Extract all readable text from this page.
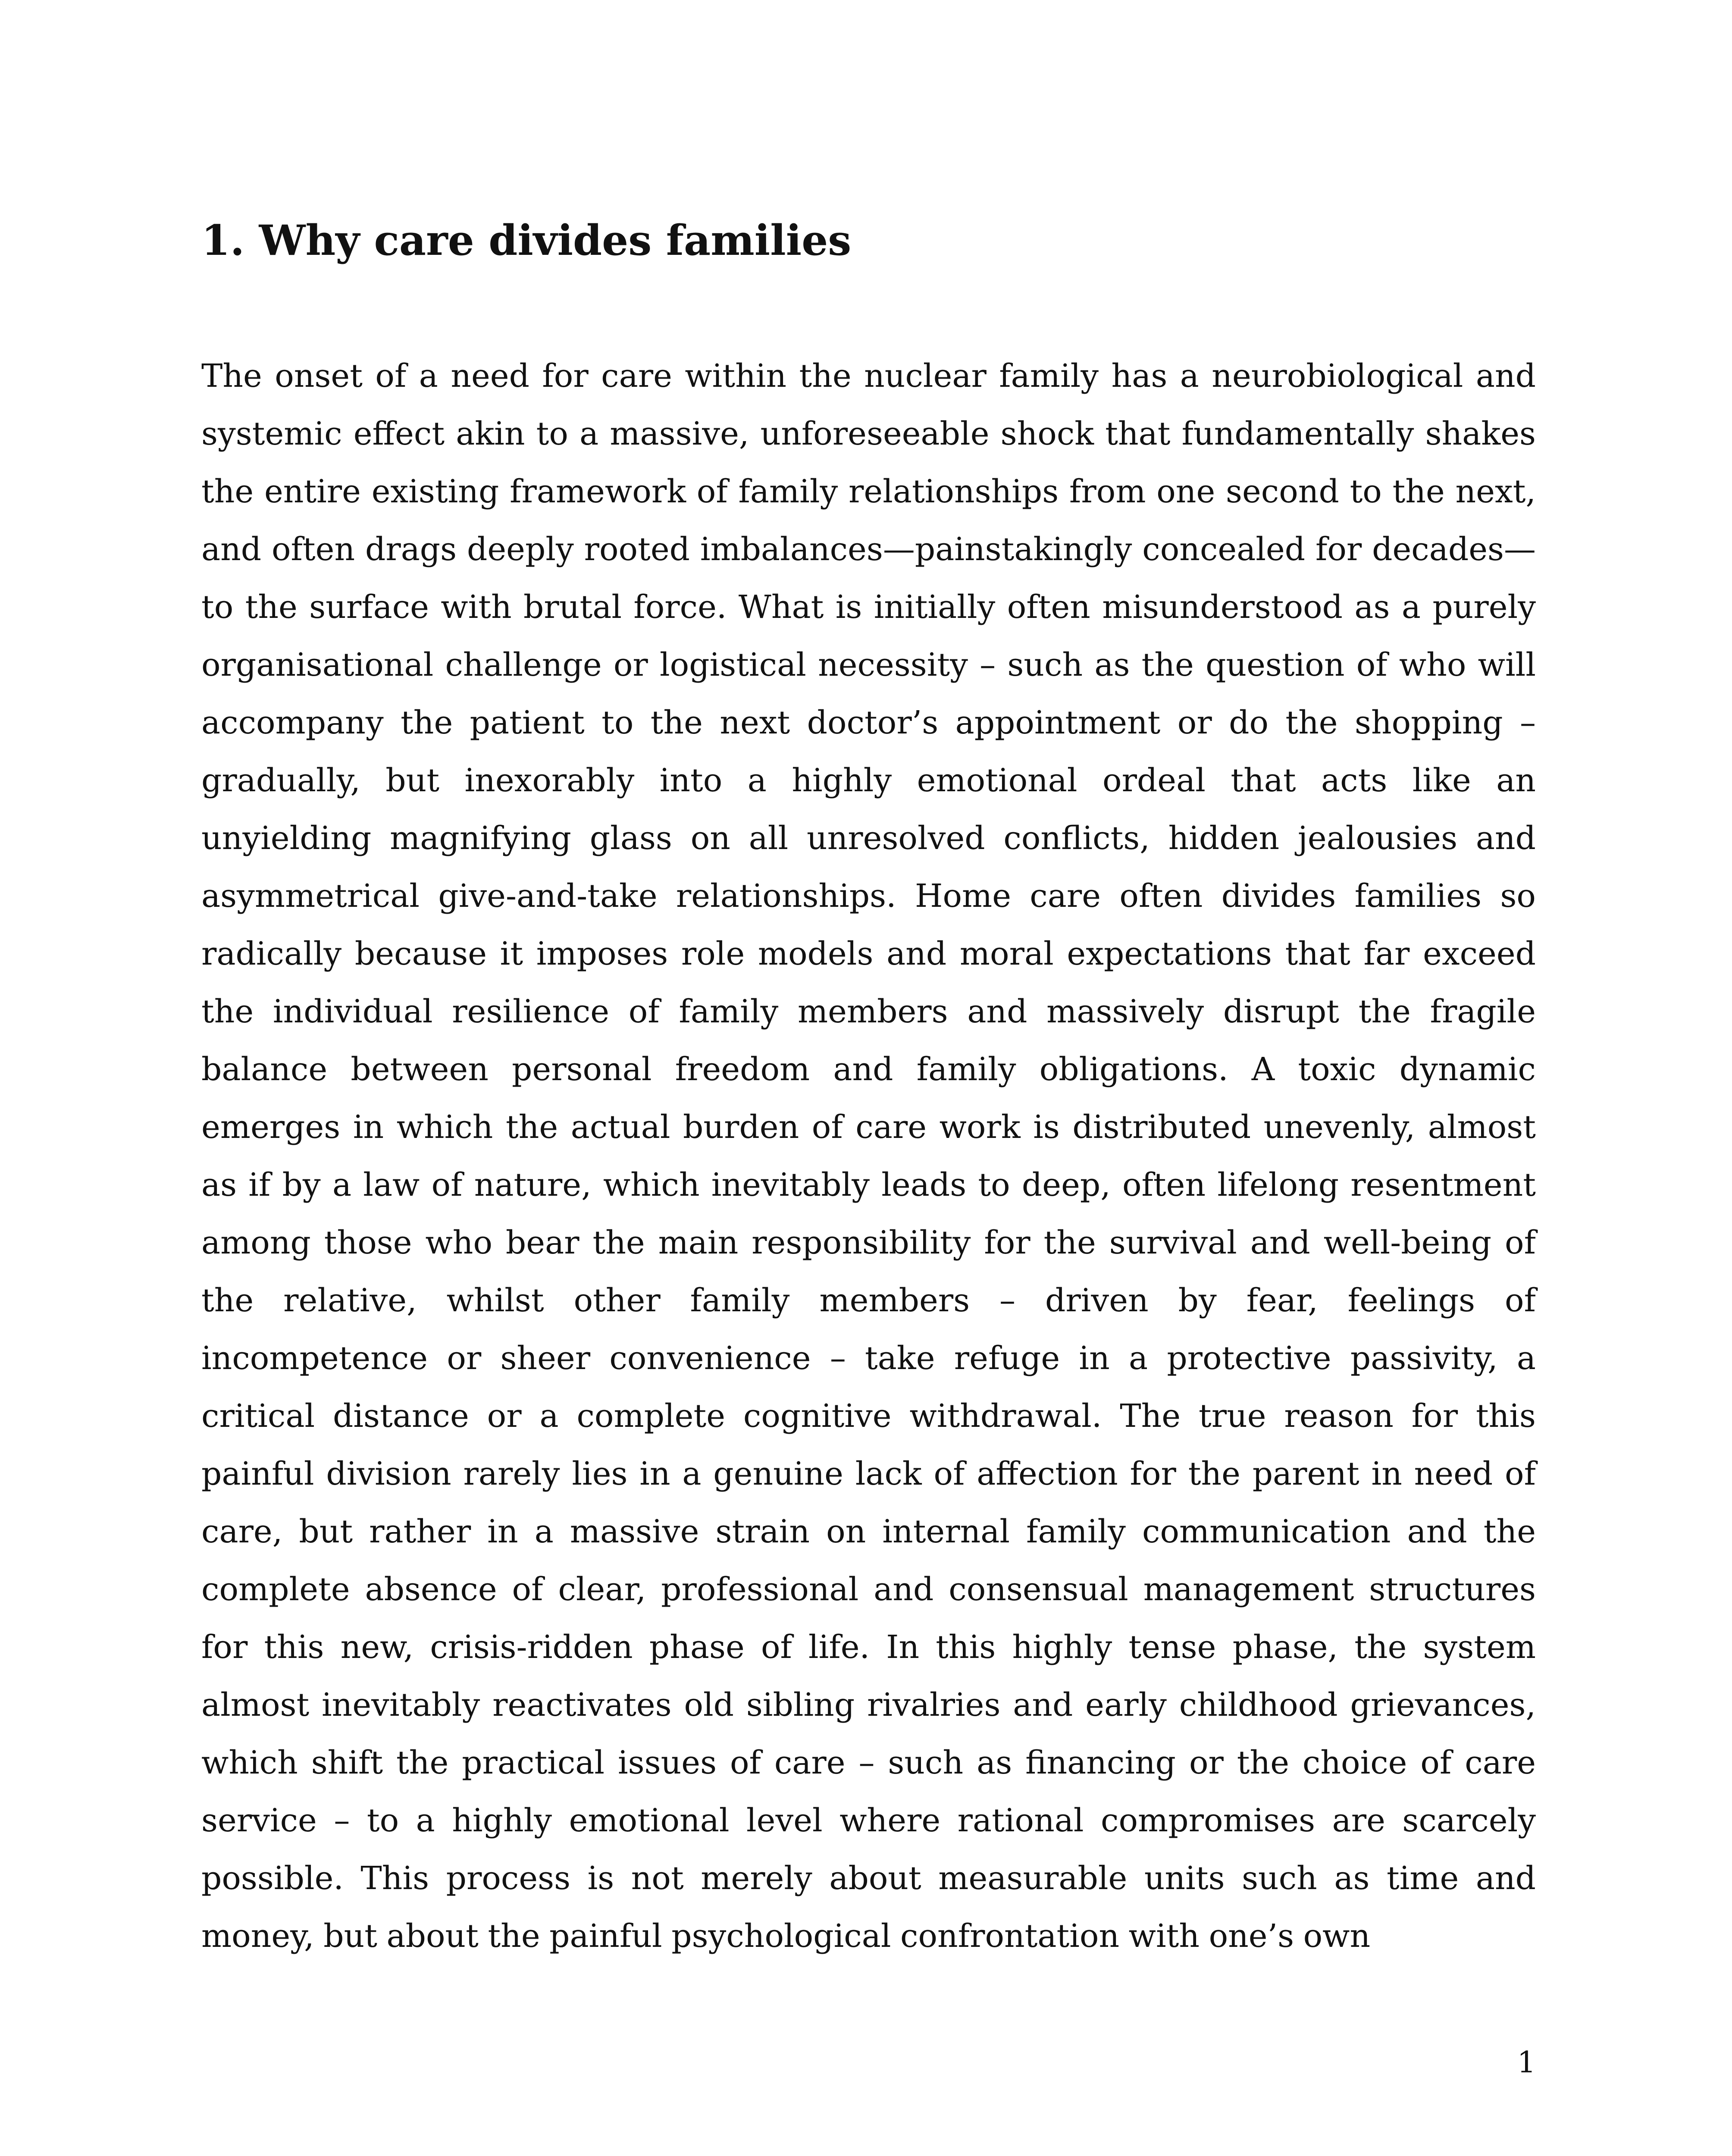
1. Why care divides families

The onset of a need for care within the nuclear family has a neurobiological and systemic effect akin to a massive, unforeseeable shock that fundamentally shakes the entire existing framework of family relationships from one second to the next, and often drags deeply rooted imbalances—painstakingly concealed for decades—to the surface with brutal force. What is initially often misunderstood as a purely organisational challenge or logistical necessity – such as the question of who will accompany the patient to the next doctor’s appointment or do the shopping – gradually, but inexorably into a highly emotional ordeal that acts like an unyielding magnifying glass on all unresolved conflicts, hidden jealousies and asymmetrical give-and-take relationships. Home care often divides families so radically because it imposes role models and moral expectations that far exceed the individual resilience of family members and massively disrupt the fragile balance between personal freedom and family obligations. A toxic dynamic emerges in which the actual burden of care work is distributed unevenly, almost as if by a law of nature, which inevitably leads to deep, often lifelong resentment among those who bear the main responsibility for the survival and well-being of the relative, whilst other family members – driven by fear, feelings of incompetence or sheer convenience – take refuge in a protective passivity, a critical distance or a complete cognitive withdrawal. The true reason for this painful division rarely lies in a genuine lack of affection for the parent in need of care, but rather in a massive strain on internal family communication and the complete absence of clear, professional and consensual management structures for this new, crisis-ridden phase of life. In this highly tense phase, the system almost inevitably reactivates old sibling rivalries and early childhood grievances, which shift the practical issues of care – such as financing or the choice of care service – to a highly emotional level where rational compromises are scarcely possible. This process is not merely about measurable units such as time and money, but about the painful psychological confrontation with one’s own

1
